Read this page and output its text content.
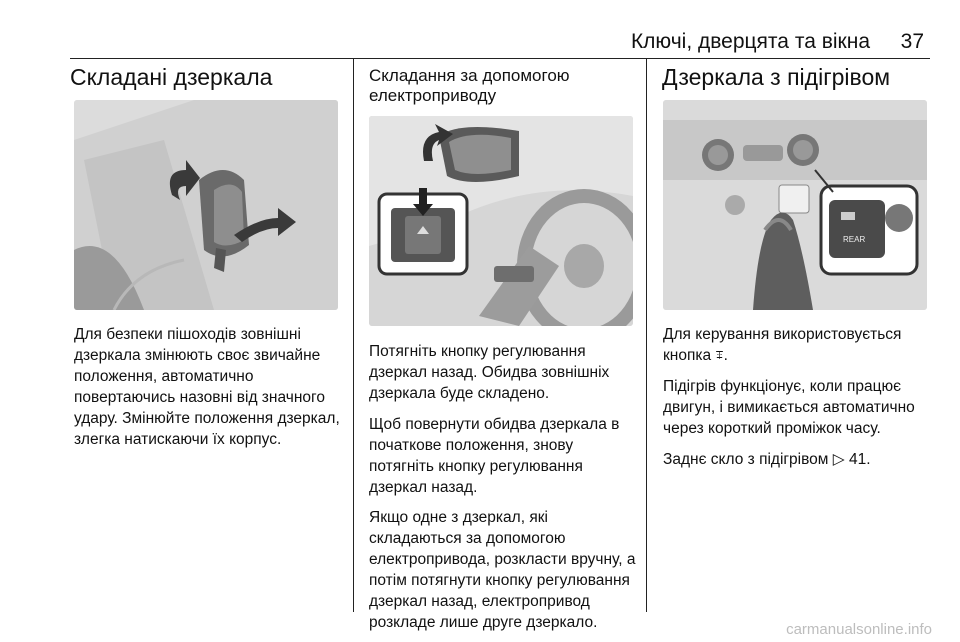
Ключі, дверцята та вікна 37
Складані дзеркала

Для безпеки пішоходів зовнішні дзеркала змінюють своє звичайне положення, автоматично повертаючись назовні від значного удару. Змінюйте положення дзеркал, злегка натискаючи їх корпус.

Складання за допомогою електроприводу

Потягніть кнопку регулювання дзеркал назад. Обидва зовнішніх дзеркала буде складено.

Щоб повернути обидва дзеркала в початкове положення, знову потягніть кнопку регулювання дзеркал назад.

Якщо одне з дзеркал, які складаються за допомогою електропривода, розкласти вручну, а потім потягнути кнопку регулювання дзеркал назад, електропривод розкладе лише друге дзеркало.

Дзеркала з підігрівом
REAR

Для керування використовується кнопка ꔊ.

Підігрів функціонує, коли працює двигун, і вимикається автоматично через короткий проміжок часу.

Заднє скло з підігрівом ▷ 41.

carmanualsonline.info
